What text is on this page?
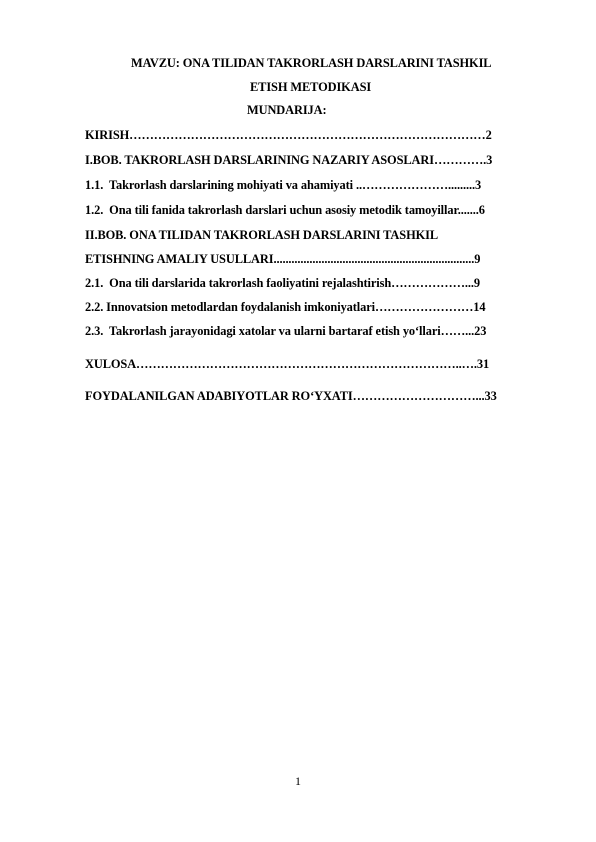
MAVZU: ONA TILIDAN TAKRORLASH DARSLARINI TASHKIL
ETISH METODIKASI
MUNDARIJA:
KIRISH……………………………………………………………………………2
I.BOB. TAKRORLASH DARSLARINING NAZARIY ASOSLARI………….3
1.1.  Takrorlash darslarining mohiyati va ahamiyati ..………………….........3
1.2.  Ona tili fanida takrorlash darslari uchun asosiy metodik tamoyillar.......6
II.BOB. ONA TILIDAN TAKRORLASH DARSLARINI TASHKIL
ETISHNING AMALIY USULLARI...................................................................9
2.1.  Ona tili darslarida takrorlash faoliyatini rejalashtirish………………...9
2.2. Innovatsion metodlardan foydalanish imkoniyatlari……………………14
2.3.  Takrorlash jarayonidagi xatolar va ularni bartaraf etish yo‘llari……...23
XULOSA……………………………………………………………………..….31
FOYDALANILGAN ADABIYOTLAR RO‘YXATI…………………………...33
1
